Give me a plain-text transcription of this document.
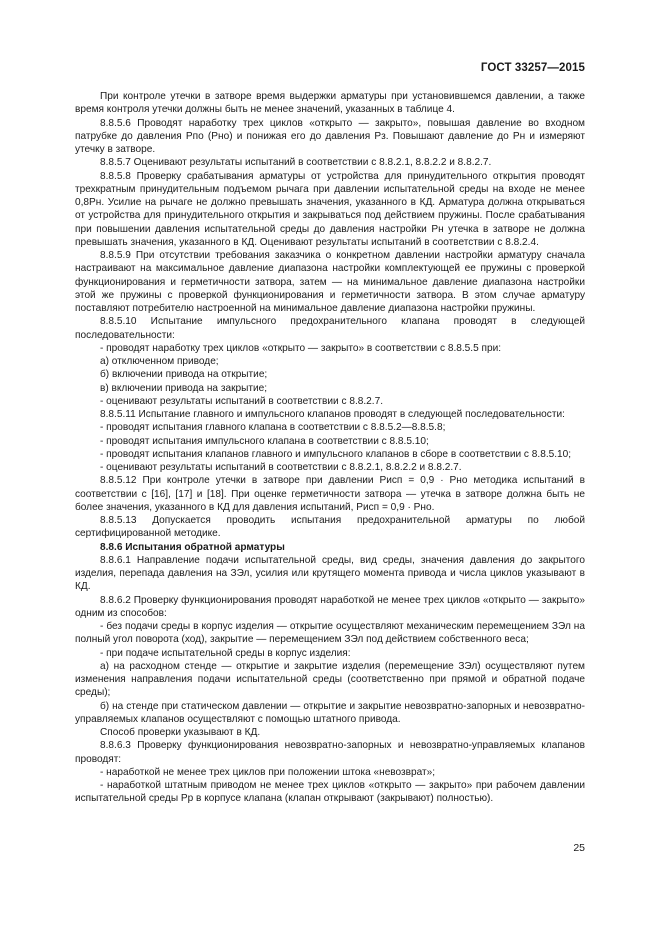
ГОСТ 33257—2015

При контроле утечки в затворе время выдержки арматуры при установившемся давлении, а также время контроля утечки должны быть не менее значений, указанных в таблице 4.

8.8.5.6 Проводят наработку трех циклов «открыто — закрыто», повышая давление во входном патрубке до давления Рпо (Рно) и понижая его до давления Рз. Повышают давление до Рн и измеряют утечку в затворе.

8.8.5.7 Оценивают результаты испытаний в соответствии с 8.8.2.1, 8.8.2.2 и 8.8.2.7.

8.8.5.8 Проверку срабатывания арматуры от устройства для принудительного открытия проводят трехкратным принудительным подъемом рычага при давлении испытательной среды на входе не менее 0,8Рн. Усилие на рычаге не должно превышать значения, указанного в КД. Арматура должна открываться от устройства для принудительного открытия и закрываться под действием пружины. После срабатывания при повышении давления испытательной среды до давления настройки Рн утечка в затворе не должна превышать значения, указанного в КД. Оценивают результаты испытаний в соответствии с 8.8.2.4.

8.8.5.9 При отсутствии требования заказчика о конкретном давлении настройки арматуру сначала настраивают на максимальное давление диапазона настройки комплектующей ее пружины с проверкой функционирования и герметичности затвора, затем — на минимальное давление диапазона настройки этой же пружины с проверкой функционирования и герметичности затвора. В этом случае арматуру поставляют потребителю настроенной на минимальное давление диапазона настройки пружины.

8.8.5.10 Испытание импульсного предохранительного клапана проводят в следующей последовательности:

- проводят наработку трех циклов «открыто — закрыто» в соответствии с 8.8.5.5 при:

а) отключенном приводе;

б) включении привода на открытие;

в) включении привода на закрытие;

- оценивают результаты испытаний в соответствии с 8.8.2.7.

8.8.5.11 Испытание главного и импульсного клапанов проводят в следующей последовательности:

- проводят испытания главного клапана в соответствии с 8.8.5.2—8.8.5.8;

- проводят испытания импульсного клапана в соответствии с 8.8.5.10;

- проводят испытания клапанов главного и импульсного клапанов в сборе в соответствии с 8.8.5.10;

- оценивают результаты испытаний в соответствии с 8.8.2.1, 8.8.2.2 и 8.8.2.7.

8.8.5.12 При контроле утечки в затворе при давлении Рисп = 0,9 · Рно методика испытаний в соответствии с [16], [17] и [18]. При оценке герметичности затвора — утечка в затворе должна быть не более значения, указанного в КД для давления испытаний, Рисп = 0,9 · Рно.

8.8.5.13 Допускается проводить испытания предохранительной арматуры по любой сертифицированной методике.

8.8.6 Испытания обратной арматуры

8.8.6.1 Направление подачи испытательной среды, вид среды, значения давления до закрытого изделия, перепада давления на ЗЭл, усилия или крутящего момента привода и числа циклов указывают в КД.

8.8.6.2 Проверку функционирования проводят наработкой не менее трех циклов «открыто — закрыто» одним из способов:

- без подачи среды в корпус изделия — открытие осуществляют механическим перемещением ЗЭл на полный угол поворота (ход), закрытие — перемещением ЗЭл под действием собственного веса;

- при подаче испытательной среды в корпус изделия:

а) на расходном стенде — открытие и закрытие изделия (перемещение ЗЭл) осуществляют путем изменения направления подачи испытательной среды (соответственно при прямой и обратной подаче среды);

б) на стенде при статическом давлении — открытие и закрытие невозвратно-запорных и невозвратно-управляемых клапанов осуществляют с помощью штатного привода.

Способ проверки указывают в КД.

8.8.6.3 Проверку функционирования невозвратно-запорных и невозвратно-управляемых клапанов проводят:

- наработкой не менее трех циклов при положении штока «невозврат»;

- наработкой штатным приводом не менее трех циклов «открыто — закрыто» при рабочем давлении испытательной среды Рр в корпусе клапана (клапан открывают (закрывают) полностью).

25
